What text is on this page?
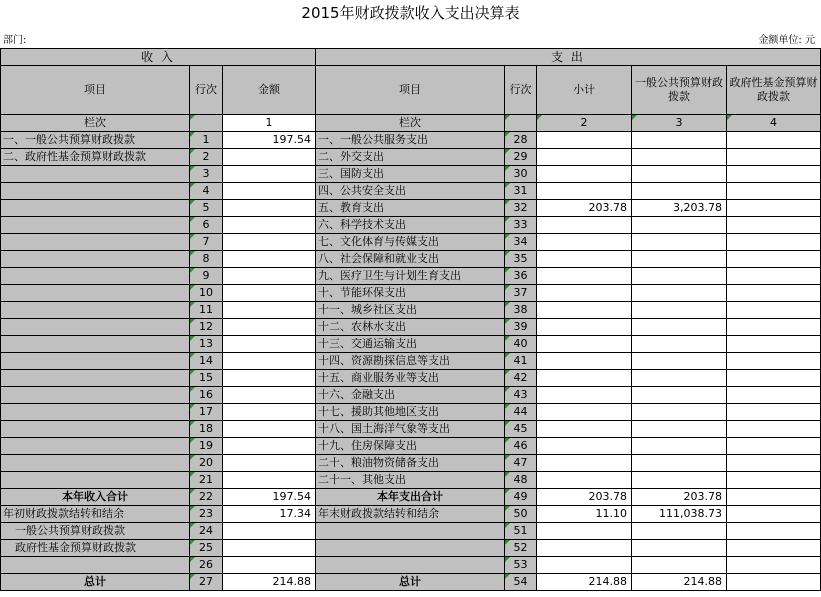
2015年财政拨款收入支出决算表
部门:	金额单位: 元
收 入			支 出				
项目	行次	金额	项目	行次	小计	一般公共预算财政拨款	政府性基金预算财政拨款
栏次		1	栏次		2	3	4
一、一般公共预算财政拨款	1	197.54	一、一般公共服务支出	28			
二、政府性基金预算财政拨款	2		二、外交支出	29			
	3		三、国防支出	30			
	4		四、公共安全支出	31			
	5		五、教育支出	32	203.78	3,203.78	
	6		六、科学技术支出	33			
	7		七、文化体育与传媒支出	34			
	8		八、社会保障和就业支出	35			
	9		九、医疗卫生与计划生育支出	36			
	10		十、节能环保支出	37			
	11		十一、城乡社区支出	38			
	12		十二、农林水支出	39			
	13		十三、交通运输支出	40			
	14		十四、资源勘探信息等支出	41			
	15		十五、商业服务业等支出	42			
	16		十六、金融支出	43			
	17		十七、援助其他地区支出	44			
	18		十八、国土海洋气象等支出	45			
	19		十九、住房保障支出	46			
	20		二十、粮油物资储备支出	47			
	21		二十一、其他支出	48			
本年收入合计	22	197.54	本年支出合计	49	203.78	203.78	
年初财政拨款结转和结余	23	17.34	年末财政拨款结转和结余	50	11.10	111,038.73	
一般公共预算财政拨款	24			51			
政府性基金预算财政拨款	25			52			
	26			53			
总计	27	214.88	总计	54	214.88	214.88	
